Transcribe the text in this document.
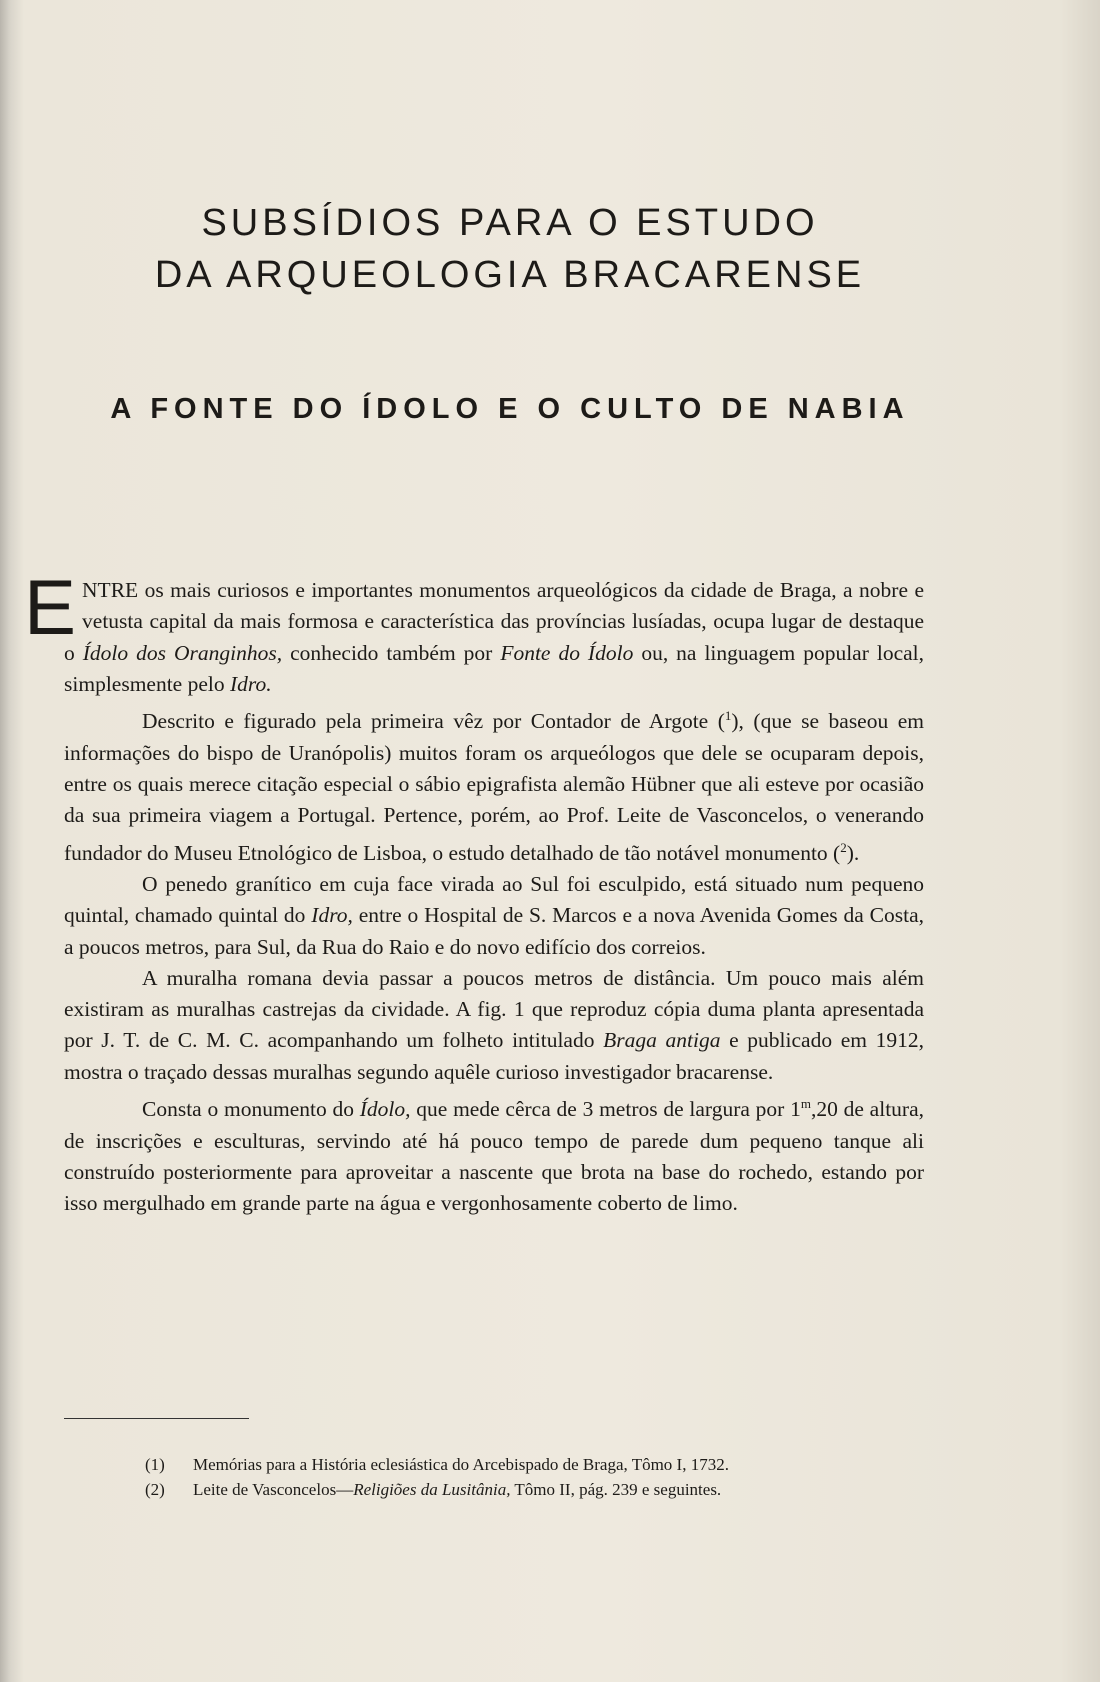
SUBSÍDIOS PARA O ESTUDO
DA ARQUEOLOGIA BRACARENSE
A FONTE DO ÍDOLO E O CULTO DE NABIA

ENTRE os mais curiosos e importantes monumentos arqueológicos da cidade de Braga, a nobre e vetusta capital da mais formosa e característica das províncias lusíadas, ocupa lugar de destaque o Ídolo dos Oranginhos, conhecido também por Fonte do Ídolo ou, na linguagem popular local, simplesmente pelo Idro.

Descrito e figurado pela primeira vêz por Contador de Argote ($^1$), (que se baseou em informações do bispo de Uranópolis) muitos foram os arqueólogos que dele se ocuparam depois, entre os quais merece citação especial o sábio epigrafista alemão Hübner que ali esteve por ocasião da sua primeira viagem a Portugal. Pertence, porém, ao Prof. Leite de Vasconcelos, o venerando fundador do Museu Etnológico de Lisboa, o estudo detalhado de tão notável monumento ($^2$).

O penedo granítico em cuja face virada ao Sul foi esculpido, está situado num pequeno quintal, chamado quintal do Idro, entre o Hospital de S. Marcos e a nova Avenida Gomes da Costa, a poucos metros, para Sul, da Rua do Raio e do novo edifício dos correios.

A muralha romana devia passar a poucos metros de distância. Um pouco mais além existiram as muralhas castrejas da cividade. A fig. 1 que reproduz cópia duma planta apresentada por J. T. de C. M. C. acompanhando um folheto intitulado Braga antiga e publicado em 1912, mostra o traçado dessas muralhas segundo aquêle curioso investigador bracarense.

Consta o monumento do Ídolo, que mede cêrca de 3 metros de largura por 1$^m$,20 de altura, de inscrições e esculturas, servindo até há pouco tempo de parede dum pequeno tanque ali construído posteriormente para aproveitar a nascente que brota na base do rochedo, estando por isso mergulhado em grande parte na água e vergonhosamente coberto de limo.

(1) Memórias para a História eclesiástica do Arcebispado de Braga, Tômo I, 1732.
(2) Leite de Vasconcelos—Religiões da Lusitânia, Tômo II, pág. 239 e seguintes.
